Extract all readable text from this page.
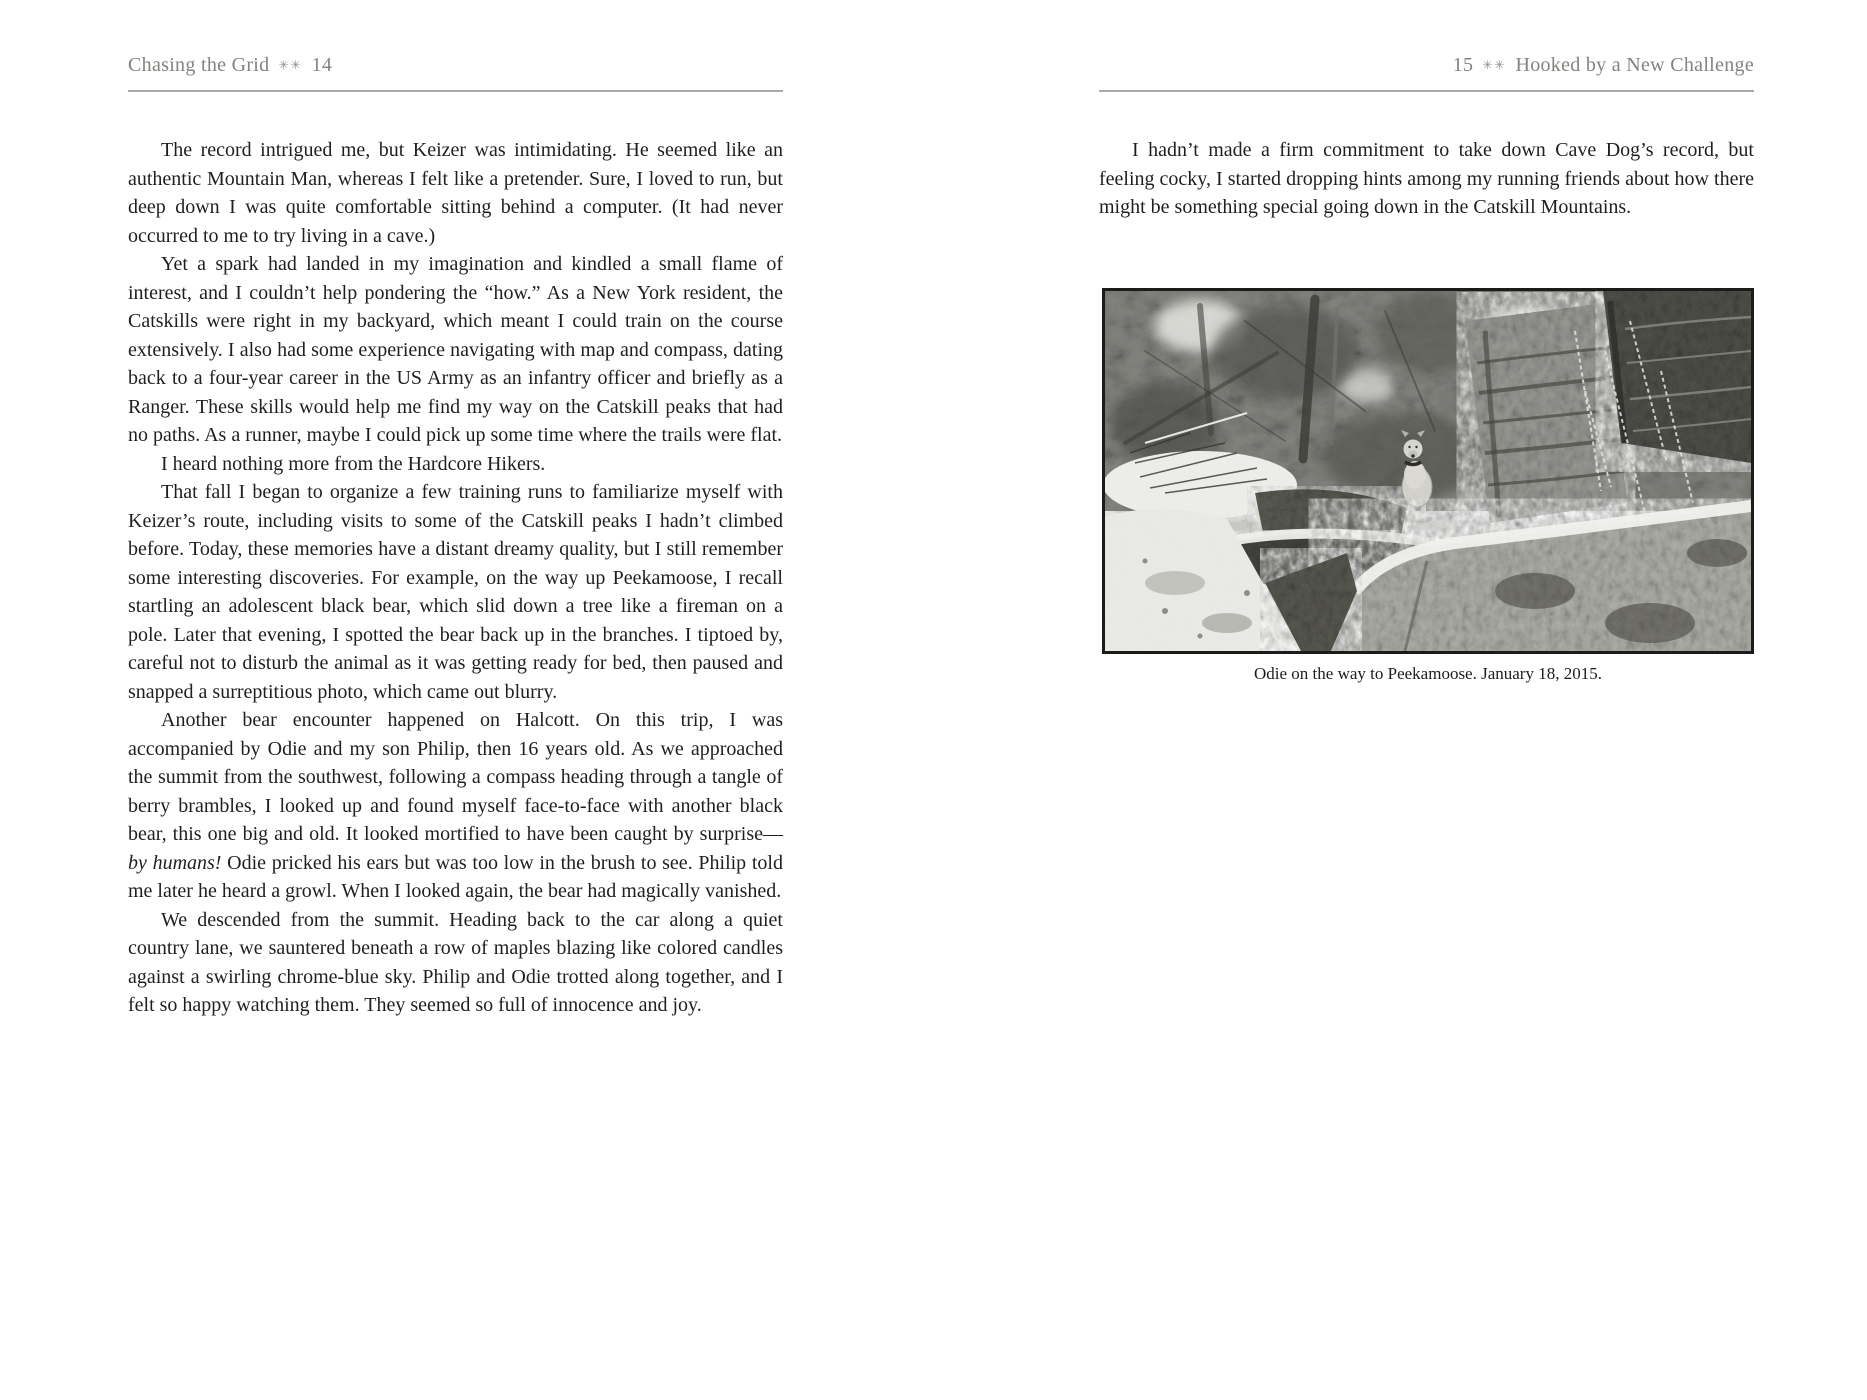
Chasing the Grid ✳✳ 14

The record intrigued me, but Keizer was intimidating. He seemed like an authentic Mountain Man, whereas I felt like a pretender. Sure, I loved to run, but deep down I was quite comfortable sitting behind a computer. (It had never occurred to me to try living in a cave.)

Yet a spark had landed in my imagination and kindled a small flame of interest, and I couldn’t help pondering the “how.” As a New York resident, the Catskills were right in my backyard, which meant I could train on the course extensively. I also had some experience navigating with map and compass, dating back to a four-year career in the US Army as an infantry officer and briefly as a Ranger. These skills would help me find my way on the Catskill peaks that had no paths. As a runner, maybe I could pick up some time where the trails were flat.

I heard nothing more from the Hardcore Hikers.

That fall I began to organize a few training runs to familiarize myself with Keizer’s route, including visits to some of the Catskill peaks I hadn’t climbed before. Today, these memories have a distant dreamy quality, but I still remember some interesting discoveries. For example, on the way up Peekamoose, I recall startling an adolescent black bear, which slid down a tree like a fireman on a pole. Later that evening, I spotted the bear back up in the branches. I tiptoed by, careful not to disturb the animal as it was getting ready for bed, then paused and snapped a surreptitious photo, which came out blurry.

Another bear encounter happened on Halcott. On this trip, I was accompanied by Odie and my son Philip, then 16 years old. As we approached the summit from the southwest, following a compass heading through a tangle of berry brambles, I looked up and found myself face-to-face with another black bear, this one big and old. It looked mortified to have been caught by surprise—by humans! Odie pricked his ears but was too low in the brush to see. Philip told me later he heard a growl. When I looked again, the bear had magically vanished.

We descended from the summit. Heading back to the car along a quiet country lane, we sauntered beneath a row of maples blazing like colored candles against a swirling chrome-blue sky. Philip and Odie trotted along together, and I felt so happy watching them. They seemed so full of innocence and joy.

15 ✳✳ Hooked by a New Challenge

I hadn’t made a firm commitment to take down Cave Dog’s record, but feeling cocky, I started dropping hints among my running friends about how there might be something special going down in the Catskill Mountains.

Odie on the way to Peekamoose. January 18, 2015.
